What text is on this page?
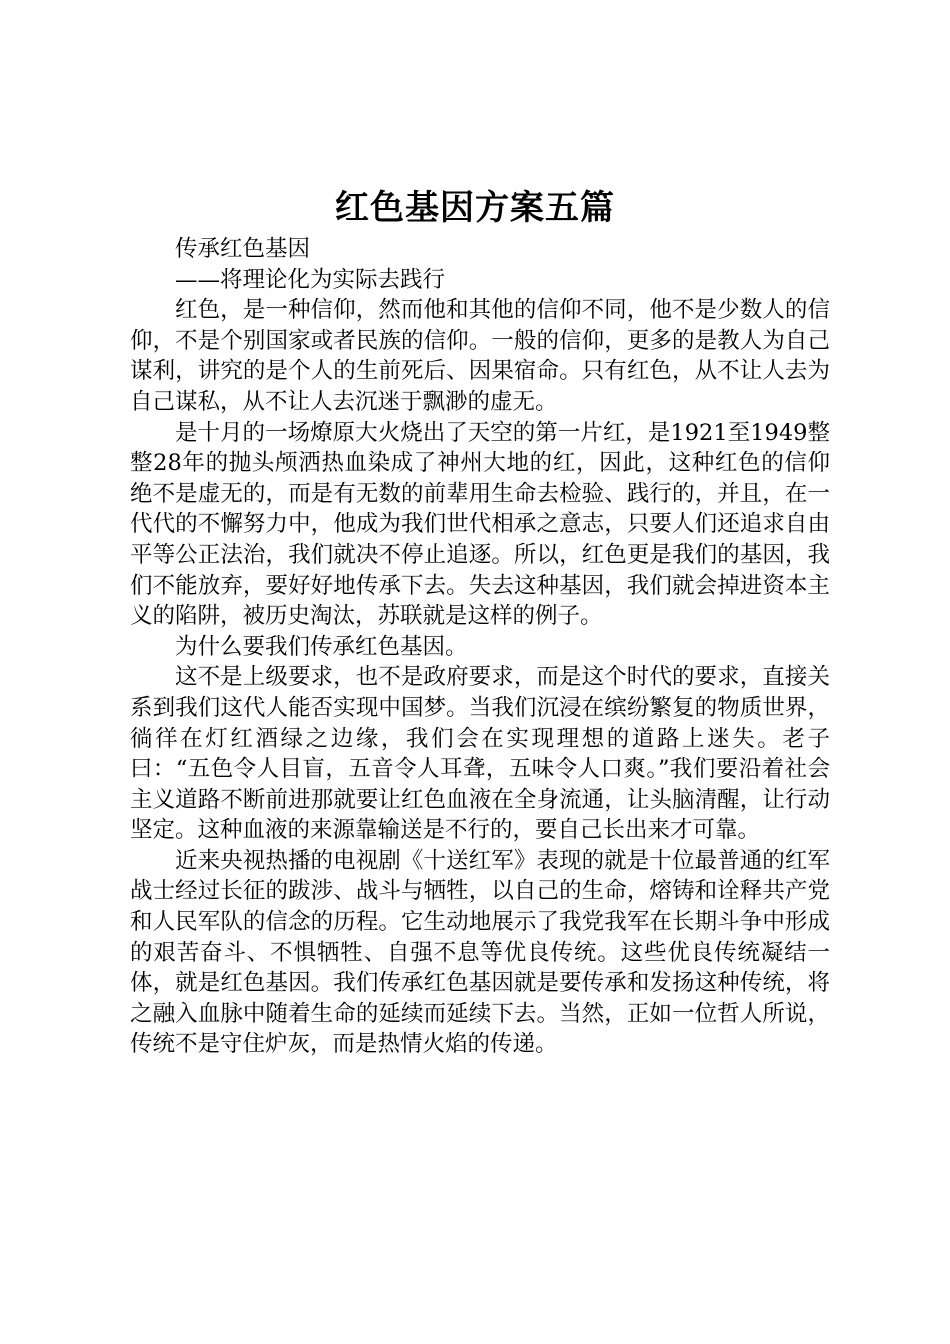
红色基因方案五篇

传承红色基因

——将理论化为实际去践行

红色，是一种信仰，然而他和其他的信仰不同，他不是少数人的信仰，不是个别国家或者民族的信仰。一般的信仰，更多的是教人为自己谋利，讲究的是个人的生前死后、因果宿命。只有红色，从不让人去为自己谋私，从不让人去沉迷于飘渺的虚无。

是十月的一场燎原大火烧出了天空的第一片红，是1921至1949整整28年的抛头颅洒热血染成了神州大地的红，因此，这种红色的信仰绝不是虚无的，而是有无数的前辈用生命去检验、践行的，并且，在一代代的不懈努力中，他成为我们世代相承之意志，只要人们还追求自由平等公正法治，我们就决不停止追逐。所以，红色更是我们的基因，我们不能放弃，要好好地传承下去。失去这种基因，我们就会掉进资本主义的陷阱，被历史淘汰，苏联就是这样的例子。

为什么要我们传承红色基因。

这不是上级要求，也不是政府要求，而是这个时代的要求，直接关系到我们这代人能否实现中国梦。当我们沉浸在缤纷繁复的物质世界，徜徉在灯红酒绿之边缘，我们会在实现理想的道路上迷失。老子曰：“五色令人目盲，五音令人耳聋，五味令人口爽。”我们要沿着社会主义道路不断前进那就要让红色血液在全身流通，让头脑清醒，让行动坚定。这种血液的来源靠输送是不行的，要自己长出来才可靠。

近来央视热播的电视剧《十送红军》表现的就是十位最普通的红军战士经过长征的跋涉、战斗与牺牲，以自己的生命，熔铸和诠释共产党和人民军队的信念的历程。它生动地展示了我党我军在长期斗争中形成的艰苦奋斗、不惧牺牲、自强不息等优良传统。这些优良传统凝结一体，就是红色基因。我们传承红色基因就是要传承和发扬这种传统，将之融入血脉中随着生命的延续而延续下去。当然，正如一位哲人所说，传统不是守住炉灰，而是热情火焰的传递。
